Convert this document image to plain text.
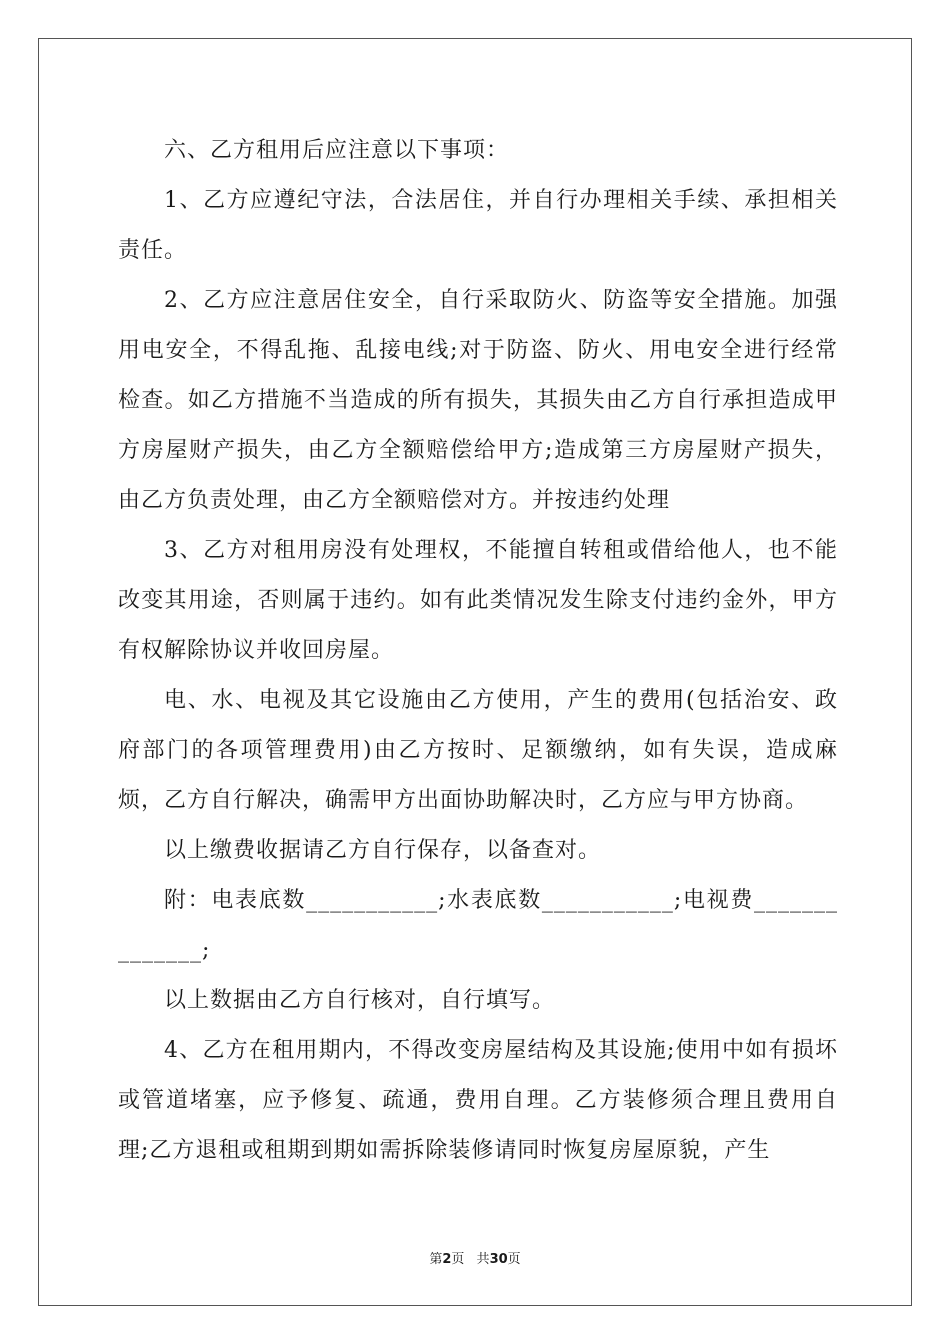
六、乙方租用后应注意以下事项：

1、乙方应遵纪守法，合法居住，并自行办理相关手续、承担相关责任。

2、乙方应注意居住安全，自行采取防火、防盗等安全措施。加强用电安全，不得乱拖、乱接电线;对于防盗、防火、用电安全进行经常检查。如乙方措施不当造成的所有损失，其损失由乙方自行承担造成甲方房屋财产损失，由乙方全额赔偿给甲方;造成第三方房屋财产损失，由乙方负责处理，由乙方全额赔偿对方。并按违约处理

3、乙方对租用房没有处理权，不能擅自转租或借给他人，也不能改变其用途，否则属于违约。如有此类情况发生除支付违约金外，甲方有权解除协议并收回房屋。

电、水、电视及其它设施由乙方使用，产生的费用(包括治安、政府部门的各项管理费用)由乙方按时、足额缴纳，如有失误，造成麻烦，乙方自行解决，确需甲方出面协助解决时，乙方应与甲方协商。

以上缴费收据请乙方自行保存，以备查对。

附：电表底数___________;水表底数___________;电视费______________;

以上数据由乙方自行核对，自行填写。

4、乙方在租用期内，不得改变房屋结构及其设施;使用中如有损坏或管道堵塞，应予修复、疏通，费用自理。乙方装修须合理且费用自理;乙方退租或租期到期如需拆除装修请同时恢复房屋原貌，产生

第2页 共30页
